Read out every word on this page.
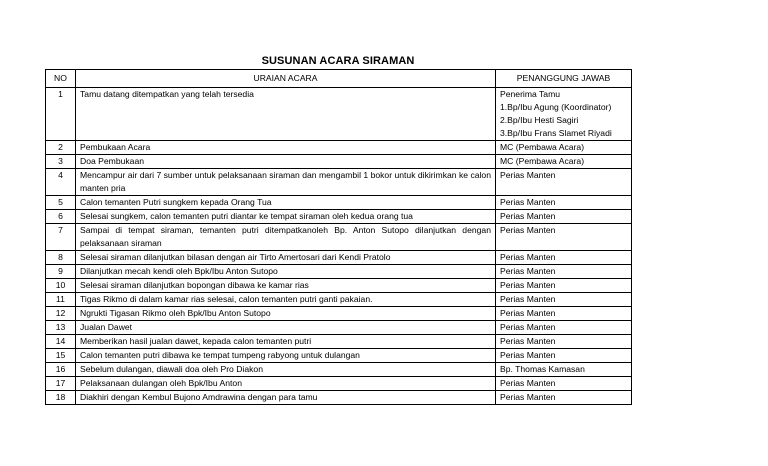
SUSUNAN ACARA SIRAMAN
NO	URAIAN ACARA	PENANGGUNG JAWAB
1	Tamu datang ditempatkan yang telah tersedia	Penerima Tamu
1.Bp/Ibu Agung (Koordinator)
2.Bp/Ibu Hesti Sagiri
3.Bp/Ibu Frans Slamet Riyadi

2	Pembukaan Acara	MC (Pembawa Acara)

3	Doa Pembukaan	MC (Pembawa Acara)

4	Mencampur air dari 7 sumber untuk pelaksanaan siraman dan mengambil 1 bokor untuk dikirimkan ke calon manten pria	Perias Manten

5	Calon temanten Putri sungkem kepada Orang Tua	Perias Manten

6	Selesai sungkem, calon temanten putri diantar ke tempat siraman oleh kedua orang tua	Perias Manten

7	Sampai di tempat siraman, temanten putri ditempatkanoleh Bp. Anton Sutopo dilanjutkan dengan pelaksanaan siraman	Perias Manten

8	Selesai siraman dilanjutkan bilasan dengan air Tirto Amertosari dari Kendi Pratolo	Perias Manten

9	Dilanjutkan mecah kendi oleh Bpk/Ibu Anton Sutopo	Perias Manten

10	Selesai siraman dilanjutkan bopongan dibawa ke kamar rias	Perias Manten

11	Tigas Rikmo di dalam kamar rias selesai, calon temanten putri ganti pakaian.	Perias Manten

12	Ngrukti Tigasan Rikmo oleh Bpk/Ibu Anton Sutopo	Perias Manten

13	Jualan Dawet	Perias Manten

14	Memberikan hasil jualan dawet, kepada calon temanten putri	Perias Manten

15	Calon temanten putri dibawa ke tempat tumpeng rabyong untuk dulangan	Perias Manten

16	Sebelum dulangan, diawali doa oleh Pro Diakon	Bp. Thomas Kamasan

17	Pelaksanaan dulangan oleh Bpk/Ibu Anton	Perias Manten

18	Diakhiri dengan Kembul Bujono Amdrawina dengan para tamu	Perias Manten
